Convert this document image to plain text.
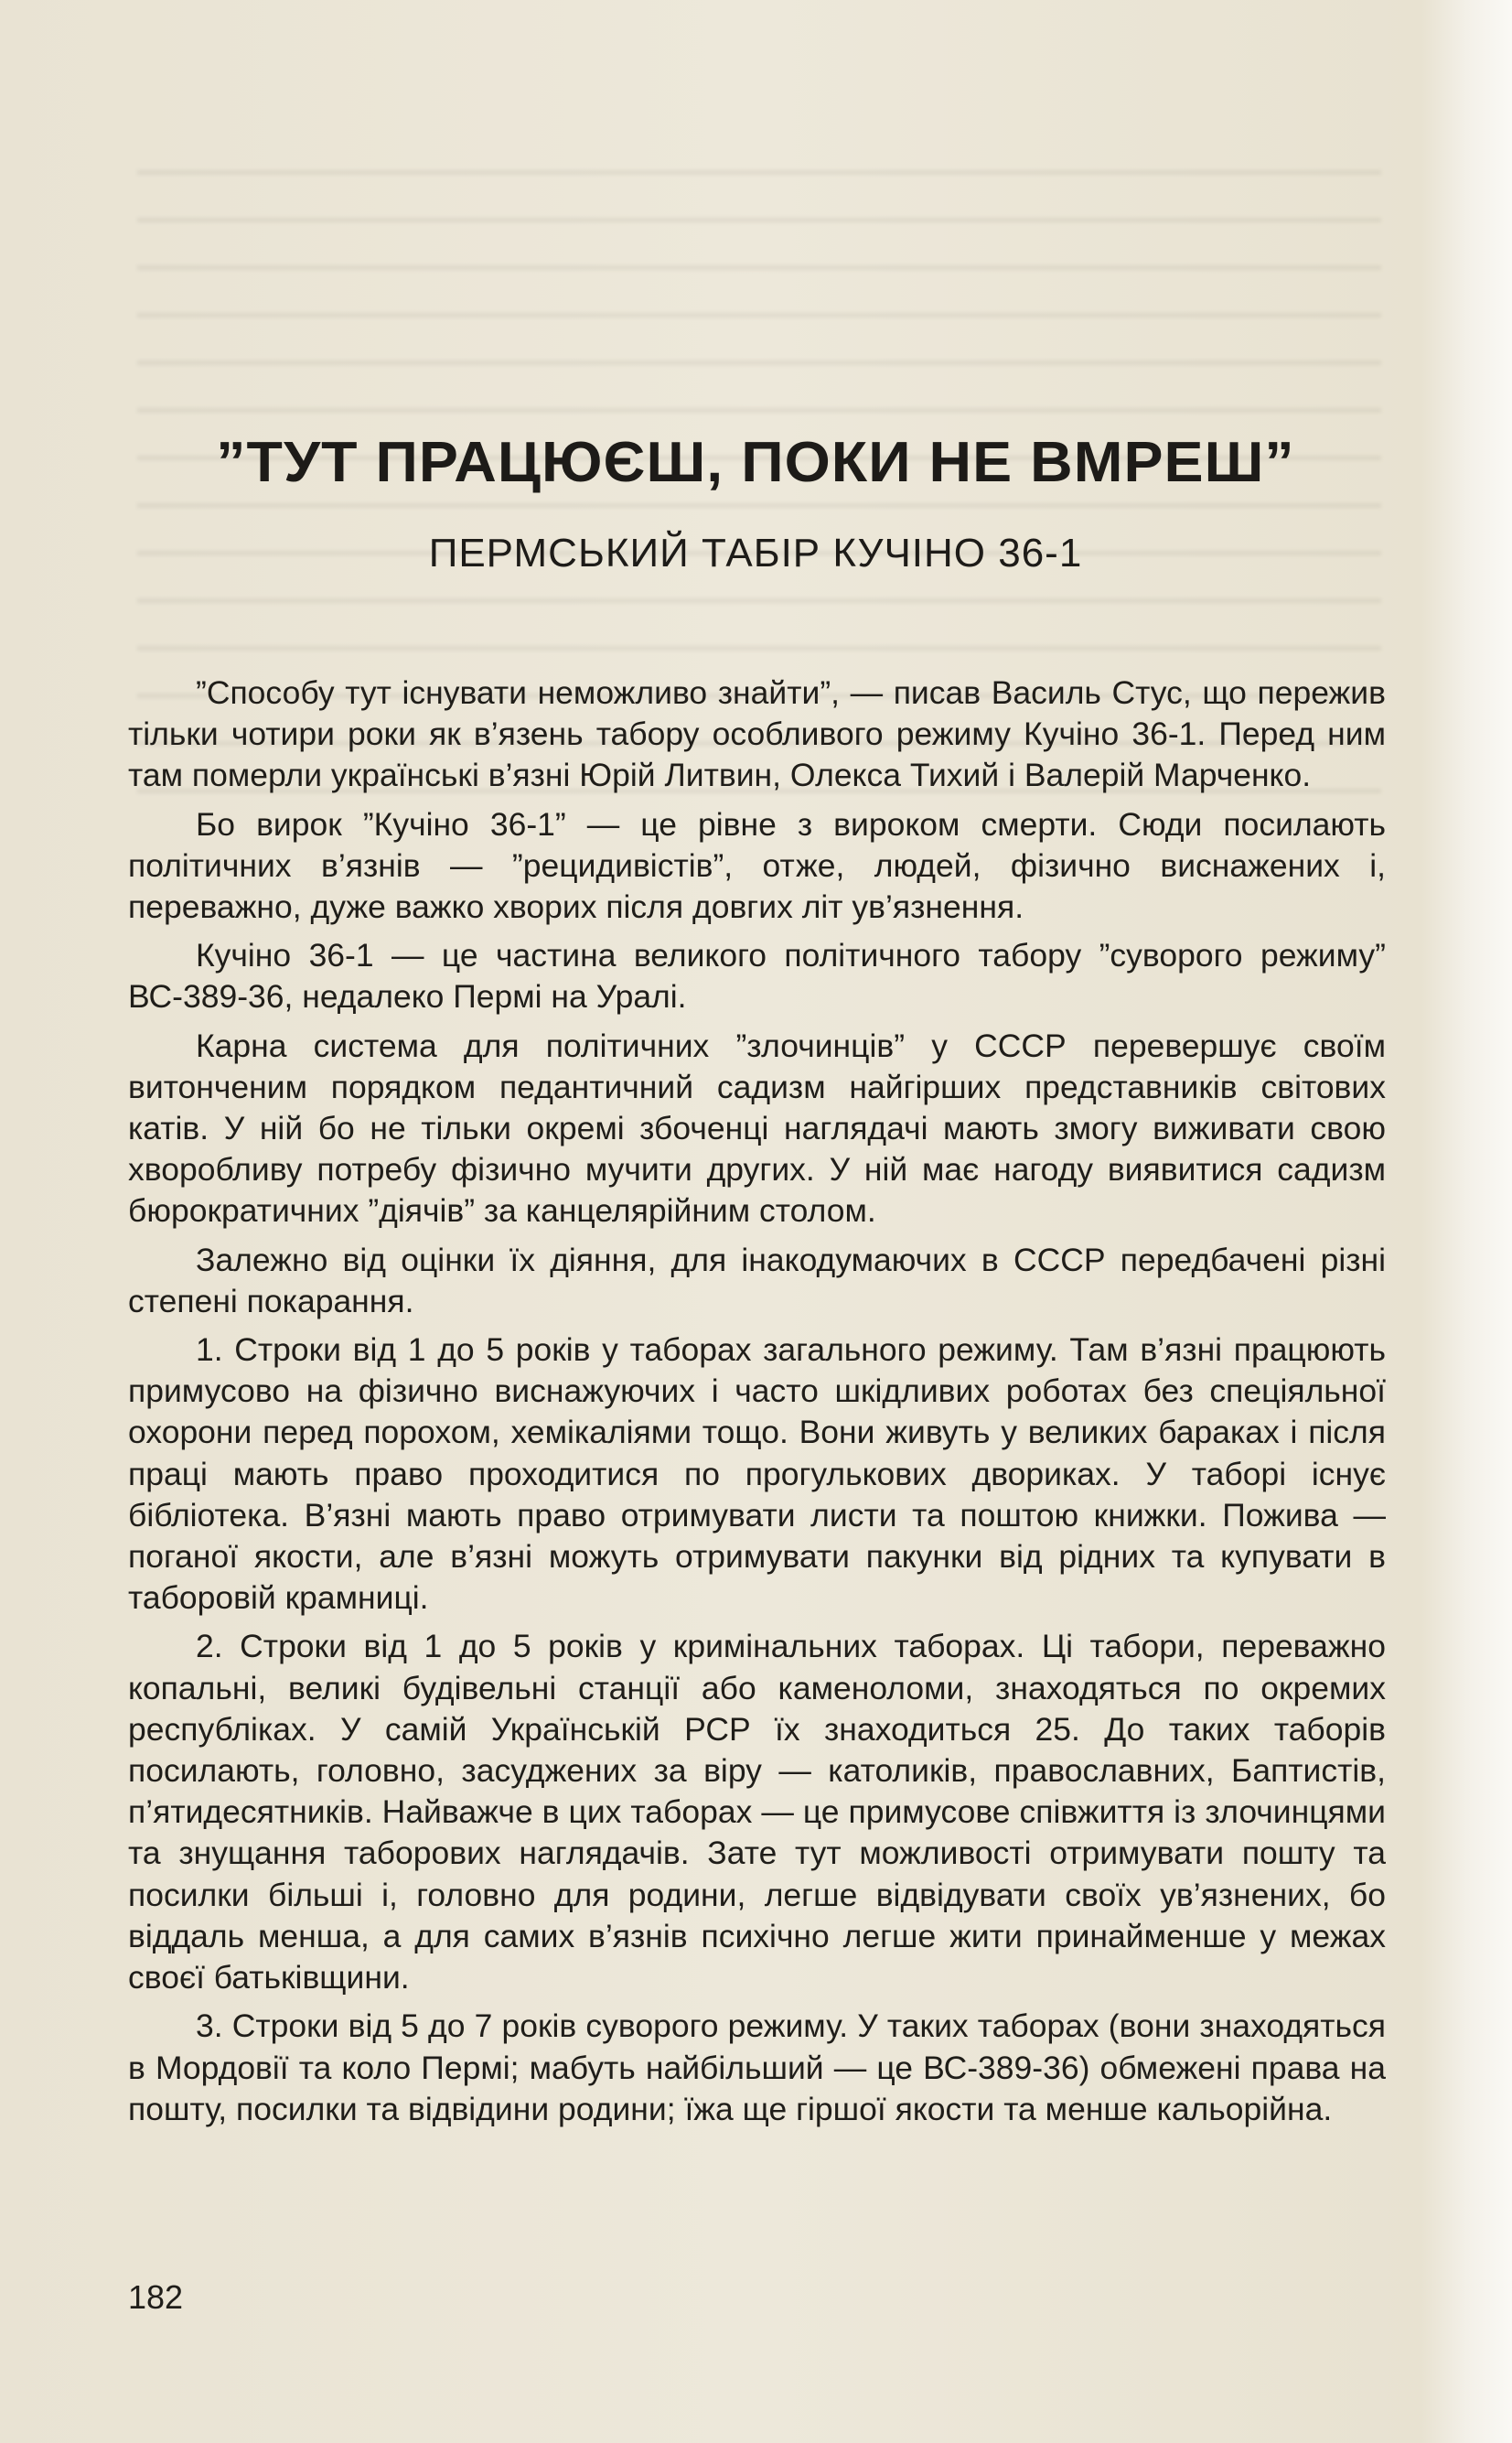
”ТУТ ПРАЦЮЄШ, ПОКИ НЕ ВМРЕШ”
ПЕРМСЬКИЙ ТАБІР КУЧІНО 36-1

”Способу тут існувати неможливо знайти”, — писав Василь Стус, що пережив тільки чотири роки як в’язень табору особливого режиму Кучіно 36-1. Перед ним там померли українські в’язні Юрій Литвин, Олекса Тихий і Валерій Марченко.

Бо вирок ”Кучіно 36-1” — це рівне з вироком смерти. Сюди посилають політичних в’язнів — ”рецидивістів”, отже, людей, фізично виснажених і, переважно, дуже важко хворих після довгих літ ув’язнення.

Кучіно 36-1 — це частина великого політичного табору ”суворого режиму” ВС-389-36, недалеко Пермі на Уралі.

Карна система для політичних ”злочинців” у СССР перевершує своїм витонченим порядком педантичний садизм найгірших представників світових катів. У ній бо не тільки окремі збоченці наглядачі мають змогу виживати свою хворобливу потребу фізично мучити других. У ній має нагоду виявитися садизм бюрократичних ”діячів” за канцелярійним столом.

Залежно від оцінки їх діяння, для інакодумаючих в СССР передбачені різні степені покарання.

1. Строки від 1 до 5 років у таборах загального режиму. Там в’язні працюють примусово на фізично виснажуючих і часто шкідливих роботах без спеціяльної охорони перед порохом, хемікаліями тощо. Вони живуть у великих бараках і після праці мають право проходитися по прогулькових двориках. У таборі існує бібліотека. В’язні мають право отримувати листи та поштою книжки. Пожива — поганої якости, але в’язні можуть отримувати пакунки від рідних та купувати в таборовій крамниці.

2. Строки від 1 до 5 років у кримінальних таборах. Ці табори, переважно копальні, великі будівельні станції або каменоломи, знаходяться по окремих республіках. У самій Українській РСР їх знаходиться 25. До таких таборів посилають, головно, засуджених за віру — католиків, православних, Баптистів, п’ятидесятників. Найважче в цих таборах — це примусове співжиття із злочинцями та знущання таборових наглядачів. Зате тут можливості отримувати пошту та посилки більші і, головно для родини, легше відвідувати своїх ув’язнених, бо віддаль менша, а для самих в’язнів психічно легше жити принайменше у межах своєї батьківщини.

3. Строки від 5 до 7 років суворого режиму. У таких таборах (вони знаходяться в Мордовії та коло Пермі; мабуть найбільший — це ВС-389-36) обмежені права на пошту, посилки та відвідини родини; їжа ще гіршої якости та менше кальорійна.

182
